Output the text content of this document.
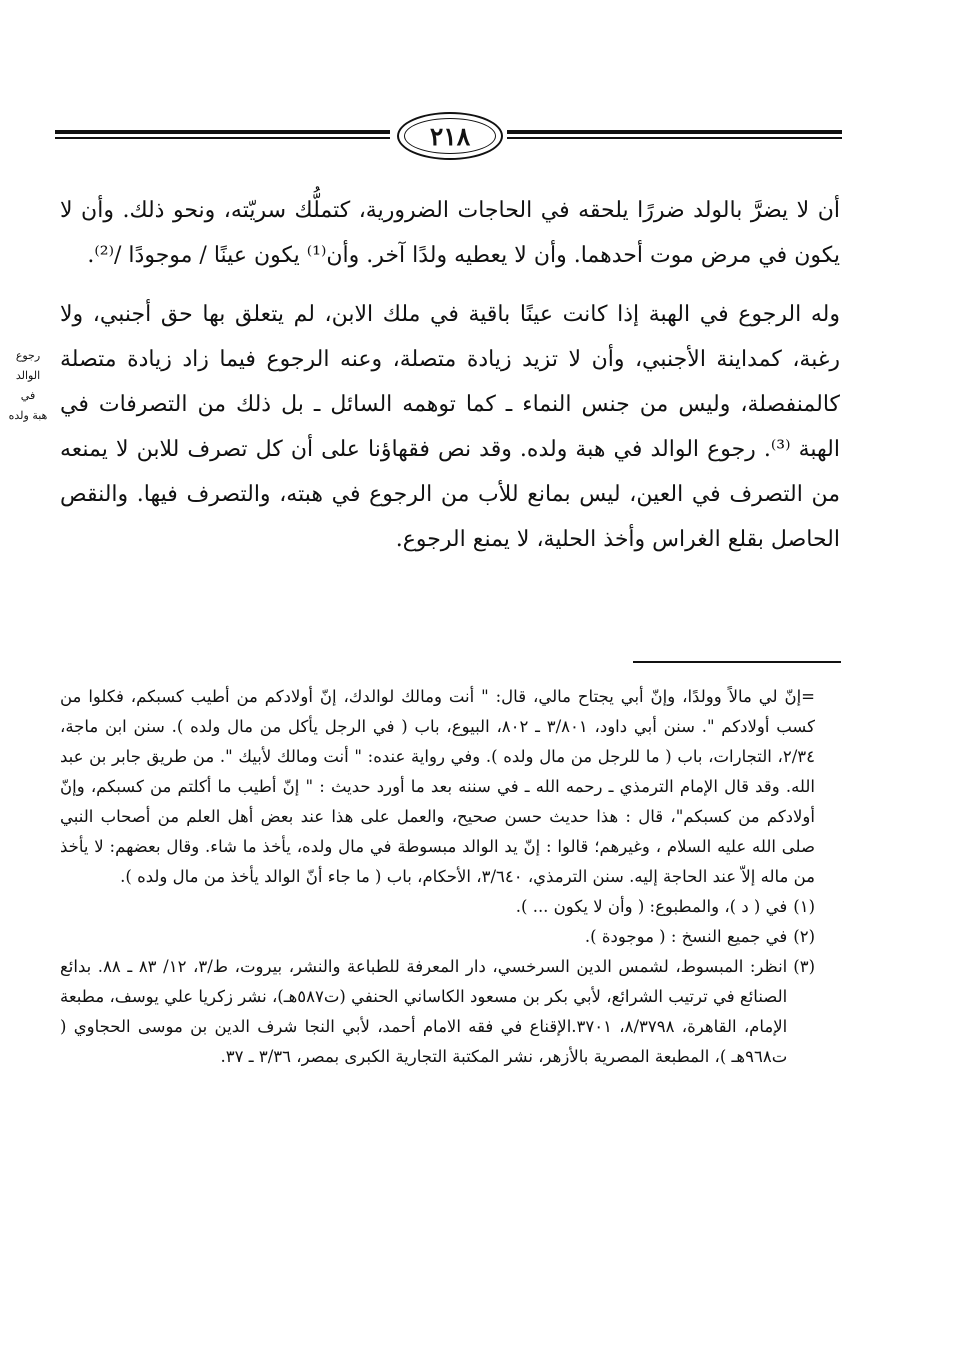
٢١٨
رجوع
الوالد
في
هبة ولده

أن لا يضرَّ بالولد ضررًا يلحقه في الحاجات الضرورية، كتملُّك سريّته، ونحو ذلك. وأن لا يكون في مرض موت أحدهما. وأن لا يعطيه ولدًا آخر. وأن⁽¹⁾ يكون عينًا / موجودًا /⁽²⁾.

وله الرجوع في الهبة إذا كانت عينًا باقية في ملك الابن، لم يتعلق بها حق أجنبي، ولا رغبة، كمداينة الأجنبي، وأن لا تزيد زيادة متصلة، وعنه الرجوع فيما زاد زيادة متصلة كالمنفصلة، وليس من جنس النماء ـ كما توهمه السائل ـ بل ذلك من التصرفات في الهبة ⁽³⁾. رجوع الوالد في هبة ولده. وقد نص فقهاؤنا على أن كل تصرف للابن لا يمنعه من التصرف في العين، ليس بمانع للأب من الرجوع في هبته، والتصرف فيها. والنقص الحاصل بقلع الغراس وأخذ الحلية، لا يمنع الرجوع.

=إنّ لي مالاً وولدًا، وإنّ أبي يجتاح مالي، قال: " أنت ومالك لوالدك، إنّ أولادكم من أطيب كسبكم، فكلوا من كسب أولادكم ". سنن أبي داود، ٣/٨٠١ ـ ٨٠٢، البيوع، باب ( في الرجل يأكل من مال ولده ). سنن ابن ماجة، ٢/٣٤، التجارات، باب ( ما للرجل من مال ولده ). وفي رواية عنده: " أنت ومالك لأبيك ". من طريق جابر بن عبد الله. وقد قال الإمام الترمذي ـ رحمه الله ـ في سننه بعد ما أورد حديث : " إنّ أطيب ما أكلتم من كسبكم، وإنّ أولادكم من كسبكم"، قال : هذا حديث حسن صحيح، والعمل على هذا عند بعض أهل العلم من أصحاب النبي صلى الله عليه السلام ، وغيرهم؛ قالوا : إنّ يد الوالد مبسوطة في مال ولده، يأخذ ما شاء. وقال بعضهم: لا يأخذ من ماله إلاّ عند الحاجة إليه. سنن الترمذي، ٣/٦٤٠، الأحكام، باب ( ما جاء أنّ الوالد يأخذ من مال ولده ).

(١)
في ( د )، والمطبوع: ( وأن لا يكون ... ).
(٢)
في جميع النسخ : ( موجودة ).
(٣)
انظر: المبسوط، لشمس الدين السرخسي، دار المعرفة للطباعة والنشر، بيروت، ط/٣، ١٢/ ٨٣ ـ ٨٨. بدائع الصنائع في ترتيب الشرائع، لأبي بكر بن مسعود الكاساني الحنفي (ت٥٨٧هـ)، نشر زكريا علي يوسف، مطبعة الإمام، القاهرة، ٨/٣٧٩٨، ٣٧٠١.الإقناع في فقه الامام أحمد، لأبي النجا شرف الدين بن موسى الحجاوي ( ت٩٦٨هـ )، المطبعة المصرية بالأزهر، نشر المكتبة التجارية الكبرى بمصر، ٣/٣٦ ـ ٣٧.
